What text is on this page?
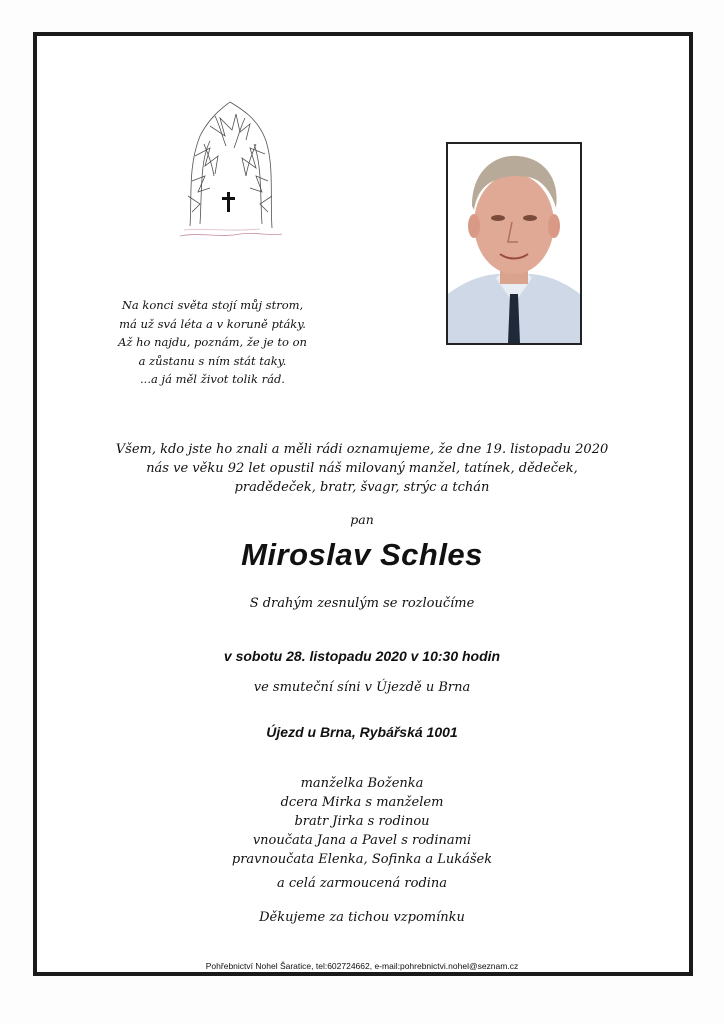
Na konci světa stojí můj strom,
má už svá léta a v koruně ptáky.
Až ho najdu, poznám, že je to on
a zůstanu s ním stát taky.
...a já měl život tolik rád.
Všem, kdo jste ho znali a měli rádi oznamujeme, že dne 19. listopadu 2020
nás ve věku 92 let opustil náš milovaný manžel, tatínek, dědeček,
pradědeček, bratr, švagr, strýc a tchán
pan
Miroslav Schles
S drahým zesnulým se rozloučíme
v sobotu 28. listopadu 2020 v 10:30 hodin
ve smuteční síni v Újezdě u Brna
Újezd u Brna, Rybářská 1001
manželka Boženka
dcera Mirka s manželem
bratr Jirka s rodinou
vnoučata Jana a Pavel s rodinami
pravnoučata Elenka, Sofinka a Lukášek
a celá zarmoucená rodina
Děkujeme za tichou vzpomínku
Pohřebnictví Nohel Šaratice, tel:602724662, e-mail:pohrebnictvi.nohel@seznam.cz
